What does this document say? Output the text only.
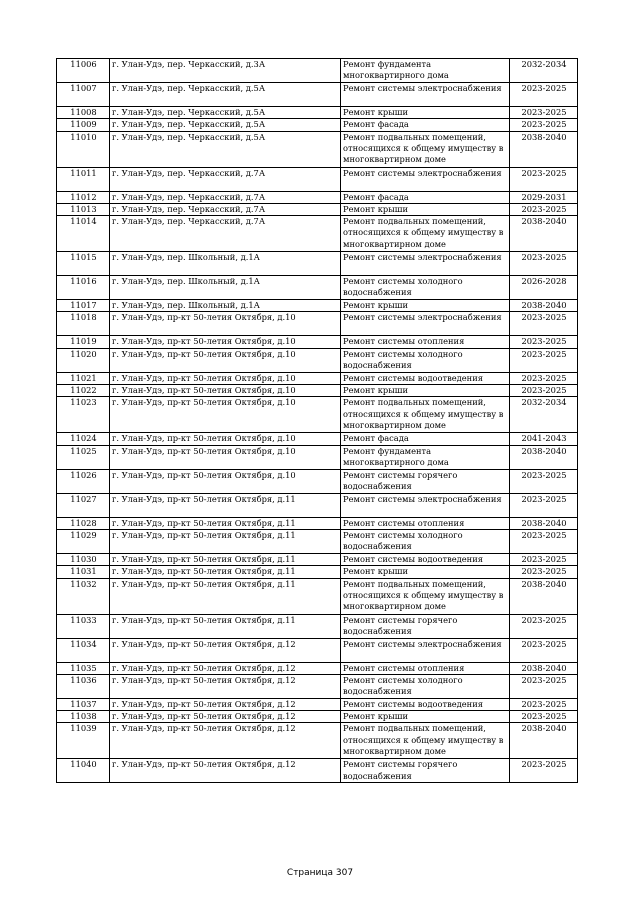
11006	г. Улан-Удэ, пер. Черкасский, д.3А	Ремонт фундамента многоквартирного дома	2032-2034
11007	г. Улан-Удэ, пер. Черкасский, д.5А	Ремонт системы электроснабжения	2023-2025
11008	г. Улан-Удэ, пер. Черкасский, д.5А	Ремонт крыши	2023-2025
11009	г. Улан-Удэ, пер. Черкасский, д.5А	Ремонт фасада	2023-2025
11010	г. Улан-Удэ, пер. Черкасский, д.5А	Ремонт подвальных помещений, относящихся к общему имуществу в многоквартирном доме	2038-2040
11011	г. Улан-Удэ, пер. Черкасский, д.7А	Ремонт системы электроснабжения	2023-2025
11012	г. Улан-Удэ, пер. Черкасский, д.7А	Ремонт фасада	2029-2031
11013	г. Улан-Удэ, пер. Черкасский, д.7А	Ремонт крыши	2023-2025
11014	г. Улан-Удэ, пер. Черкасский, д.7А	Ремонт подвальных помещений, относящихся к общему имуществу в многоквартирном доме	2038-2040
11015	г. Улан-Удэ, пер. Школьный, д.1А	Ремонт системы электроснабжения	2023-2025
11016	г. Улан-Удэ, пер. Школьный, д.1А	Ремонт системы холодного водоснабжения	2026-2028
11017	г. Улан-Удэ, пер. Школьный, д.1А	Ремонт крыши	2038-2040
11018	г. Улан-Удэ, пр-кт 50-летия Октября, д.10	Ремонт системы электроснабжения	2023-2025
11019	г. Улан-Удэ, пр-кт 50-летия Октября, д.10	Ремонт системы отопления	2023-2025
11020	г. Улан-Удэ, пр-кт 50-летия Октября, д.10	Ремонт системы холодного водоснабжения	2023-2025
11021	г. Улан-Удэ, пр-кт 50-летия Октября, д.10	Ремонт системы водоотведения	2023-2025
11022	г. Улан-Удэ, пр-кт 50-летия Октября, д.10	Ремонт крыши	2023-2025
11023	г. Улан-Удэ, пр-кт 50-летия Октября, д.10	Ремонт подвальных помещений, относящихся к общему имуществу в многоквартирном доме	2032-2034
11024	г. Улан-Удэ, пр-кт 50-летия Октября, д.10	Ремонт фасада	2041-2043
11025	г. Улан-Удэ, пр-кт 50-летия Октября, д.10	Ремонт фундамента многоквартирного дома	2038-2040
11026	г. Улан-Удэ, пр-кт 50-летия Октября, д.10	Ремонт системы горячего водоснабжения	2023-2025
11027	г. Улан-Удэ, пр-кт 50-летия Октября, д.11	Ремонт системы электроснабжения	2023-2025
11028	г. Улан-Удэ, пр-кт 50-летия Октября, д.11	Ремонт системы отопления	2038-2040
11029	г. Улан-Удэ, пр-кт 50-летия Октября, д.11	Ремонт системы холодного водоснабжения	2023-2025
11030	г. Улан-Удэ, пр-кт 50-летия Октября, д.11	Ремонт системы водоотведения	2023-2025
11031	г. Улан-Удэ, пр-кт 50-летия Октября, д.11	Ремонт крыши	2023-2025
11032	г. Улан-Удэ, пр-кт 50-летия Октября, д.11	Ремонт подвальных помещений, относящихся к общему имуществу в многоквартирном доме	2038-2040
11033	г. Улан-Удэ, пр-кт 50-летия Октября, д.11	Ремонт системы горячего водоснабжения	2023-2025
11034	г. Улан-Удэ, пр-кт 50-летия Октября, д.12	Ремонт системы электроснабжения	2023-2025
11035	г. Улан-Удэ, пр-кт 50-летия Октября, д.12	Ремонт системы отопления	2038-2040
11036	г. Улан-Удэ, пр-кт 50-летия Октября, д.12	Ремонт системы холодного водоснабжения	2023-2025
11037	г. Улан-Удэ, пр-кт 50-летия Октября, д.12	Ремонт системы водоотведения	2023-2025
11038	г. Улан-Удэ, пр-кт 50-летия Октября, д.12	Ремонт крыши	2023-2025
11039	г. Улан-Удэ, пр-кт 50-летия Октября, д.12	Ремонт подвальных помещений, относящихся к общему имуществу в многоквартирном доме	2038-2040
11040	г. Улан-Удэ, пр-кт 50-летия Октября, д.12	Ремонт системы горячего водоснабжения	2023-2025
Страница 307
